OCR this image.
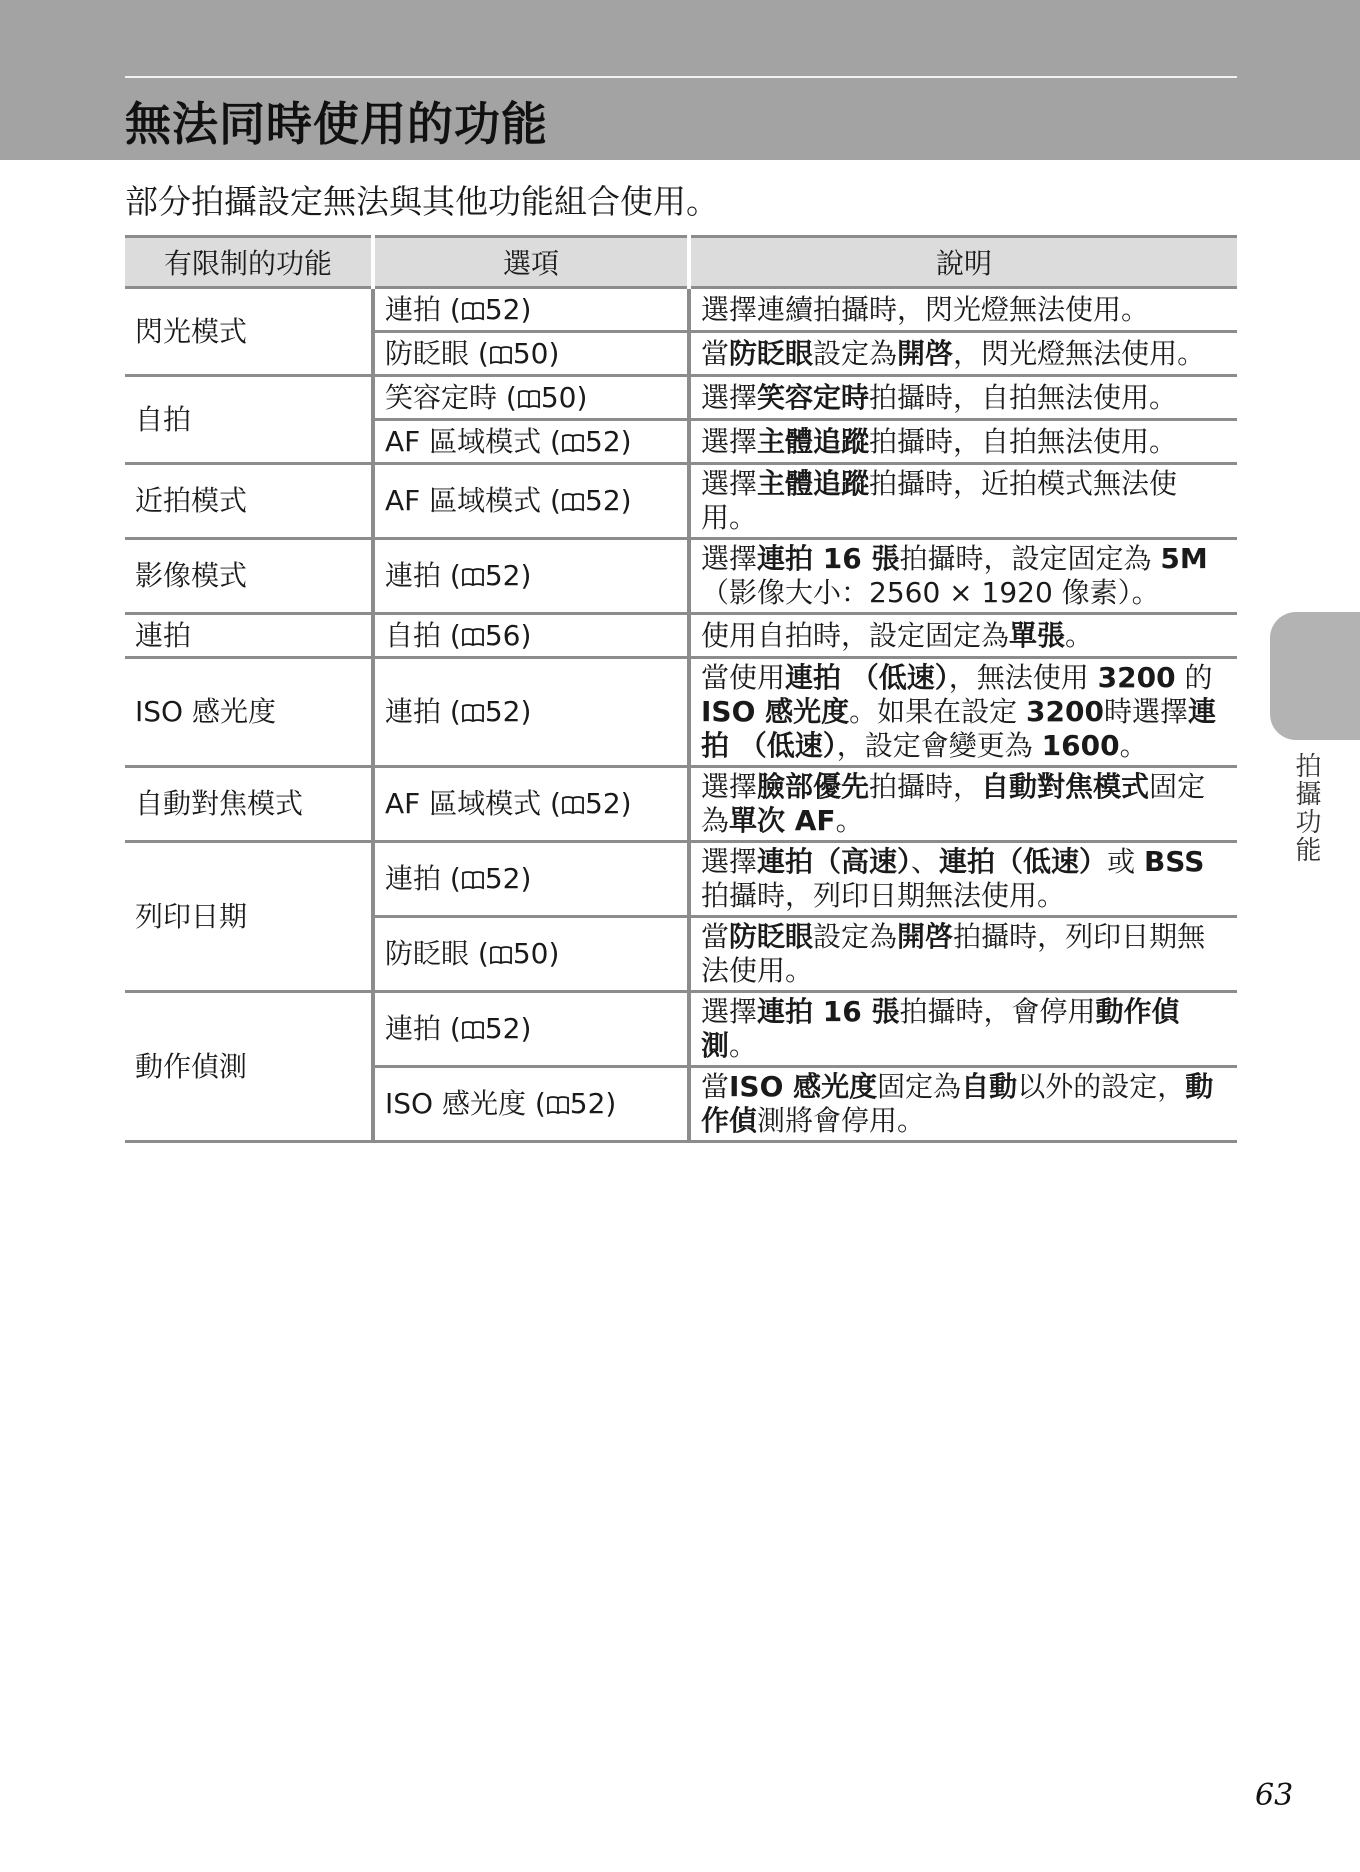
無法同時使用的功能

部分拍攝設定無法與其他功能組合使用。

有限制的功能	選項	說明
閃光模式	連拍 ( 52)	選擇連續拍攝時，閃光燈無法使用。
	防眨眼 ( 50)	當防眨眼設定為開啓，閃光燈無法使用。
自拍	笑容定時 ( 50)	選擇笑容定時拍攝時，自拍無法使用。
	AF 區域模式 ( 52)	選擇主體追蹤拍攝時，自拍無法使用。
近拍模式	AF 區域模式 ( 52)	選擇主體追蹤拍攝時，近拍模式無法使用。
影像模式	連拍 ( 52)	選擇連拍 16 張拍攝時，設定固定為 5M（影像大小：2560 × 1920 像素）。
連拍	自拍 ( 56)	使用自拍時，設定固定為單張。
ISO 感光度	連拍 ( 52)	當使用連拍 （低速），無法使用 3200 的 ISO 感光度。如果在設定 3200時選擇連拍 （低速），設定會變更為 1600。
自動對焦模式	AF 區域模式 ( 52)	選擇臉部優先拍攝時，自動對焦模式固定為單次 AF。
列印日期	連拍 ( 52)	選擇連拍（高速）、連拍（低速）或 BSS 拍攝時，列印日期無法使用。
	防眨眼 ( 50)	當防眨眼設定為開啓拍攝時，列印日期無法使用。
動作偵測	連拍 ( 52)	選擇連拍 16 張拍攝時，會停用動作偵測。
	ISO 感光度 ( 52)	當ISO 感光度固定為自動以外的設定，動作偵測將會停用。
拍攝功能
63
